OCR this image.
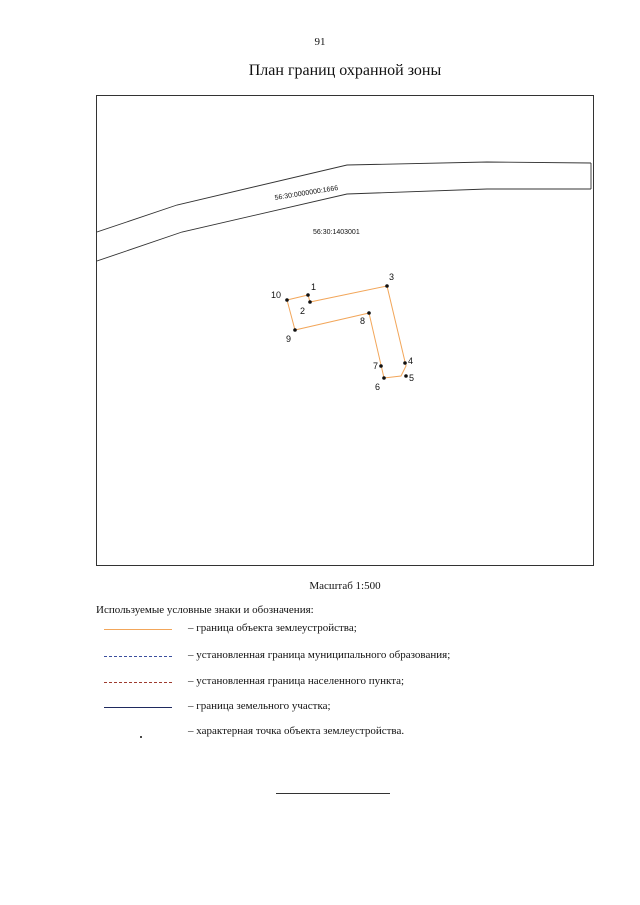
91
План границ охранной зоны
56:30:0000000:1666
56:30:1403001
1
2
3
4
5
6
7
8
9
10
Масштаб 1:500
Используемые условные знаки и обозначения:
– граница объекта землеустройства;
– установленная граница муниципального образования;
– установленная граница населенного пункта;
– граница земельного участка;
– характерная точка объекта землеустройства.
